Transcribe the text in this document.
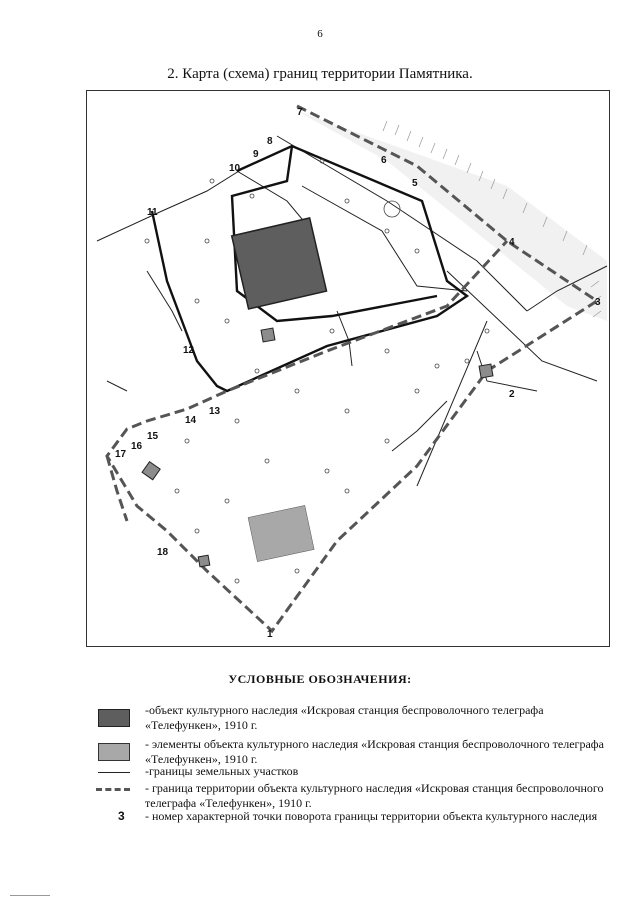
6
2. Карта (схема) границ территории Памятника.
1
2
3
4
5
6
7
8
9
10
11
12
13
14
15
16
17
18
УСЛОВНЫЕ ОБОЗНАЧЕНИЯ:
-объект культурного наследия «Искровая станция беспроволочного телеграфа «Телефункен», 1910 г.
- элементы объекта культурного наследия «Искровая станция беспроволочного телеграфа «Телефункен», 1910 г.
-границы земельных участков
- граница территории объекта культурного наследия «Искровая станция беспроволочного телеграфа «Телефункен», 1910 г.
3 - номер характерной точки поворота границы территории объекта культурного наследия
